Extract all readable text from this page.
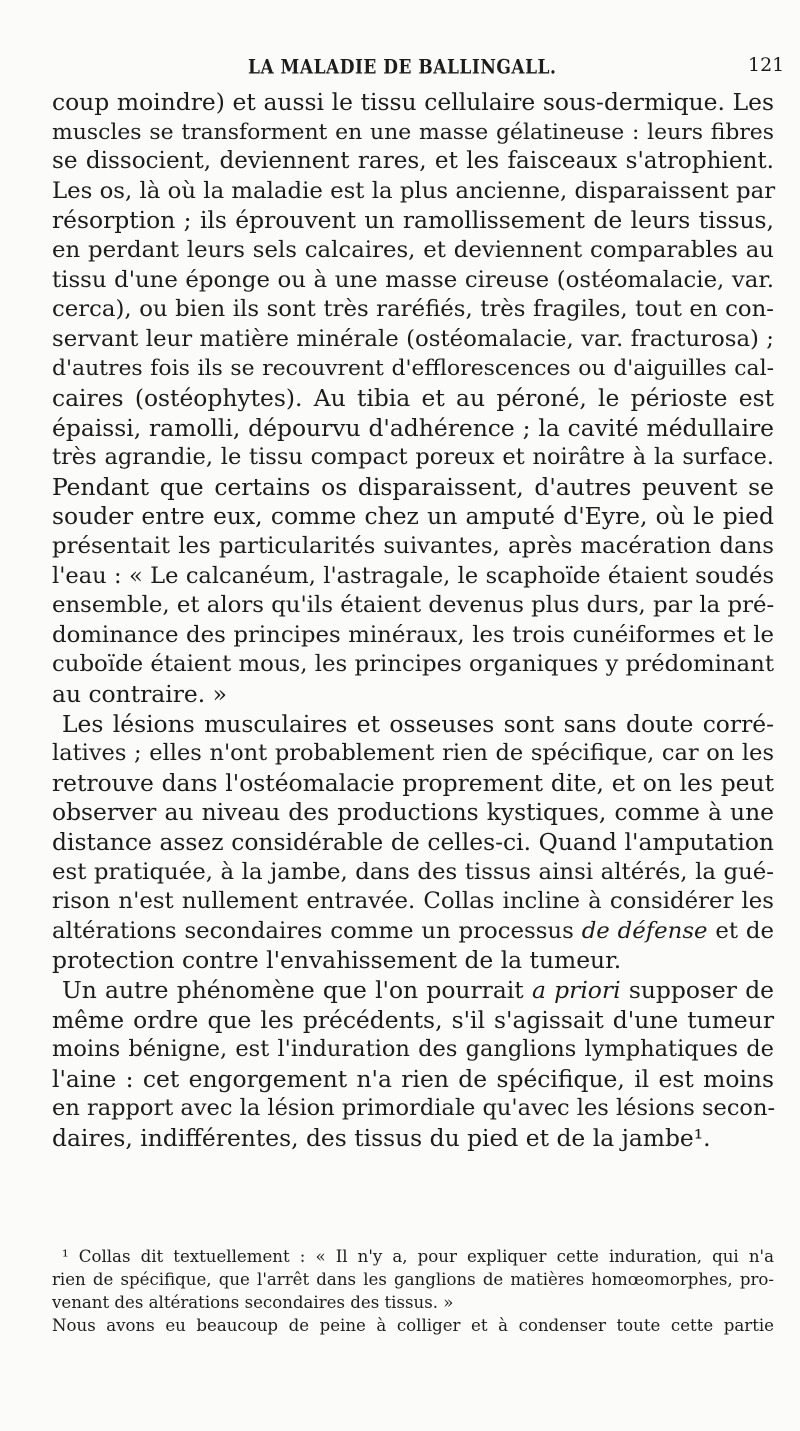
LA MALADIE DE BALLINGALL.	121
coup moindre) et aussi le tissu cellulaire sous-dermique. Les
muscles se transforment en une masse gélatineuse : leurs fibres
se dissocient, deviennent rares, et les faisceaux s'atrophient.
Les os, là où la maladie est la plus ancienne, disparaissent par
résorption ; ils éprouvent un ramollissement de leurs tissus,
en perdant leurs sels calcaires, et deviennent comparables au
tissu d'une éponge ou à une masse cireuse (ostéomalacie, var.
cerca), ou bien ils sont très raréfiés, très fragiles, tout en con-
servant leur matière minérale (ostéomalacie, var. fracturosa) ;
d'autres fois ils se recouvrent d'efflorescences ou d'aiguilles cal-
caires (ostéophytes). Au tibia et au péroné, le périoste est
épaissi, ramolli, dépourvu d'adhérence ; la cavité médullaire
très agrandie, le tissu compact poreux et noirâtre à la surface.
Pendant que certains os disparaissent, d'autres peuvent se
souder entre eux, comme chez un amputé d'Eyre, où le pied
présentait les particularités suivantes, après macération dans
l'eau : « Le calcanéum, l'astragale, le scaphoïde étaient soudés
ensemble, et alors qu'ils étaient devenus plus durs, par la pré-
dominance des principes minéraux, les trois cunéiformes et le
cuboïde étaient mous, les principes organiques y prédominant
au contraire. »
Les lésions musculaires et osseuses sont sans doute corré-
latives ; elles n'ont probablement rien de spécifique, car on les
retrouve dans l'ostéomalacie proprement dite, et on les peut
observer au niveau des productions kystiques, comme à une
distance assez considérable de celles-ci. Quand l'amputation
est pratiquée, à la jambe, dans des tissus ainsi altérés, la gué-
rison n'est nullement entravée. Collas incline à considérer les
altérations secondaires comme un processus de défense et de
protection contre l'envahissement de la tumeur.
Un autre phénomène que l'on pourrait a priori supposer de
même ordre que les précédents, s'il s'agissait d'une tumeur
moins bénigne, est l'induration des ganglions lymphatiques de
l'aine : cet engorgement n'a rien de spécifique, il est moins
en rapport avec la lésion primordiale qu'avec les lésions secon-
daires, indifférentes, des tissus du pied et de la jambe¹.
¹ Collas dit textuellement : « Il n'y a, pour expliquer cette induration, qui n'a
rien de spécifique, que l'arrêt dans les ganglions de matières homœomorphes, pro-
venant des altérations secondaires des tissus. »
Nous avons eu beaucoup de peine à colliger et à condenser toute cette partie
